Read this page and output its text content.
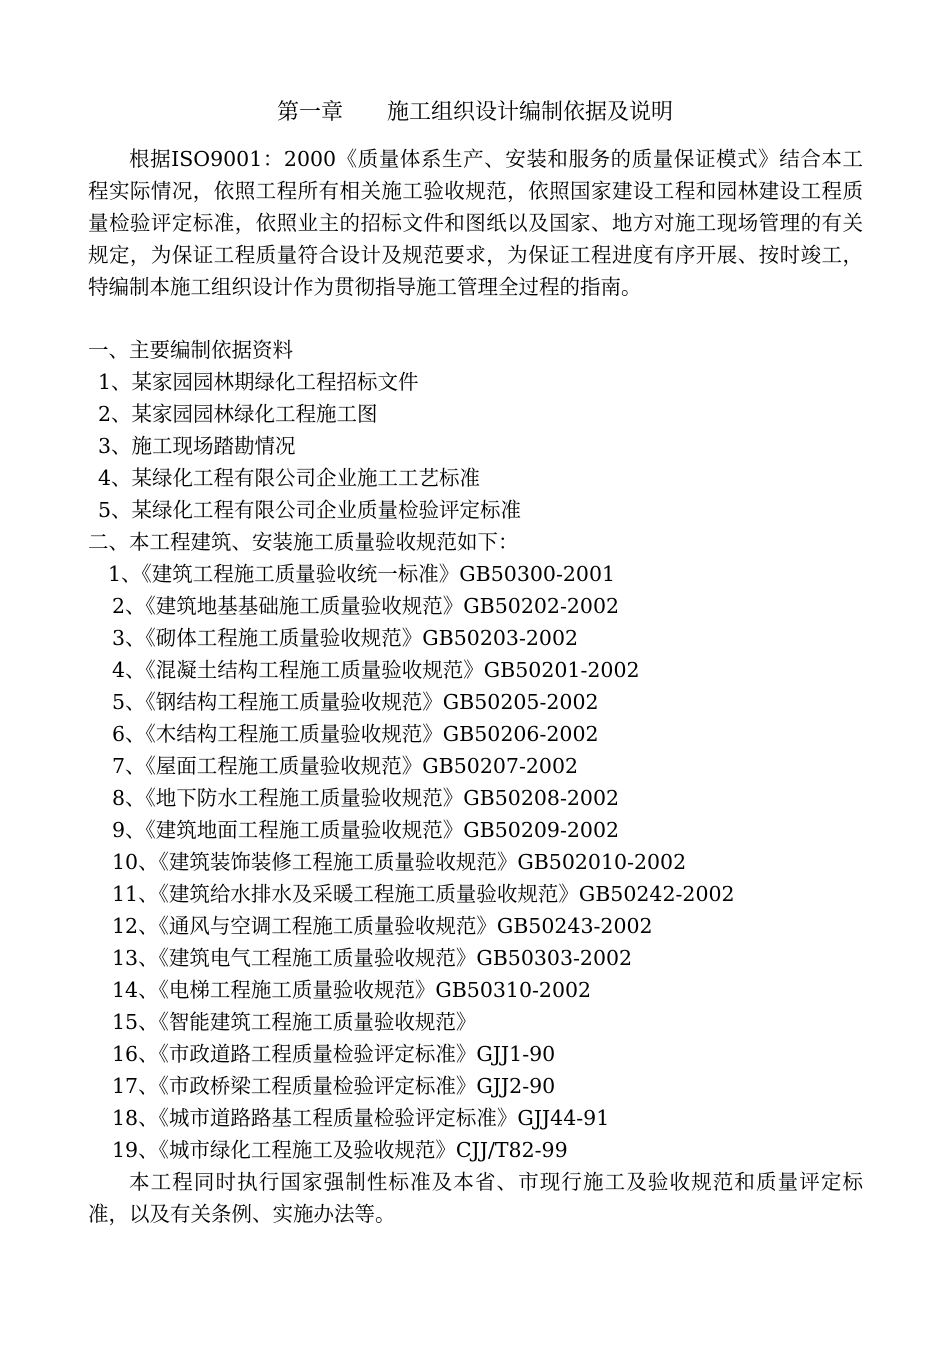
第一章　　施工组织设计编制依据及说明

根据ISO9001：2000《质量体系生产、安装和服务的质量保证模式》结合本工程实际情况，依照工程所有相关施工验收规范，依照国家建设工程和园林建设工程质量检验评定标准，依照业主的招标文件和图纸以及国家、地方对施工现场管理的有关规定，为保证工程质量符合设计及规范要求，为保证工程进度有序开展、按时竣工，特编制本施工组织设计作为贯彻指导施工管理全过程的指南。

一、主要编制依据资料
1、某家园园林期绿化工程招标文件
2、某家园园林绿化工程施工图
3、施工现场踏勘情况
4、某绿化工程有限公司企业施工工艺标准
5、某绿化工程有限公司企业质量检验评定标准
二、本工程建筑、安装施工质量验收规范如下：
1、《建筑工程施工质量验收统一标准》GB50300-2001
2、《建筑地基基础施工质量验收规范》GB50202-2002
3、《砌体工程施工质量验收规范》GB50203-2002
4、《混凝土结构工程施工质量验收规范》GB50201-2002
5、《钢结构工程施工质量验收规范》GB50205-2002
6、《木结构工程施工质量验收规范》GB50206-2002
7、《屋面工程施工质量验收规范》GB50207-2002
8、《地下防水工程施工质量验收规范》GB50208-2002
9、《建筑地面工程施工质量验收规范》GB50209-2002
10、《建筑装饰装修工程施工质量验收规范》GB502010-2002
11、《建筑给水排水及采暖工程施工质量验收规范》GB50242-2002
12、《通风与空调工程施工质量验收规范》GB50243-2002
13、《建筑电气工程施工质量验收规范》GB50303-2002
14、《电梯工程施工质量验收规范》GB50310-2002
15、《智能建筑工程施工质量验收规范》
16、《市政道路工程质量检验评定标准》GJJ1-90
17、《市政桥梁工程质量检验评定标准》GJJ2-90
18、《城市道路路基工程质量检验评定标准》GJJ44-91
19、《城市绿化工程施工及验收规范》CJJ/T82-99

本工程同时执行国家强制性标准及本省、市现行施工及验收规范和质量评定标准，以及有关条例、实施办法等。
